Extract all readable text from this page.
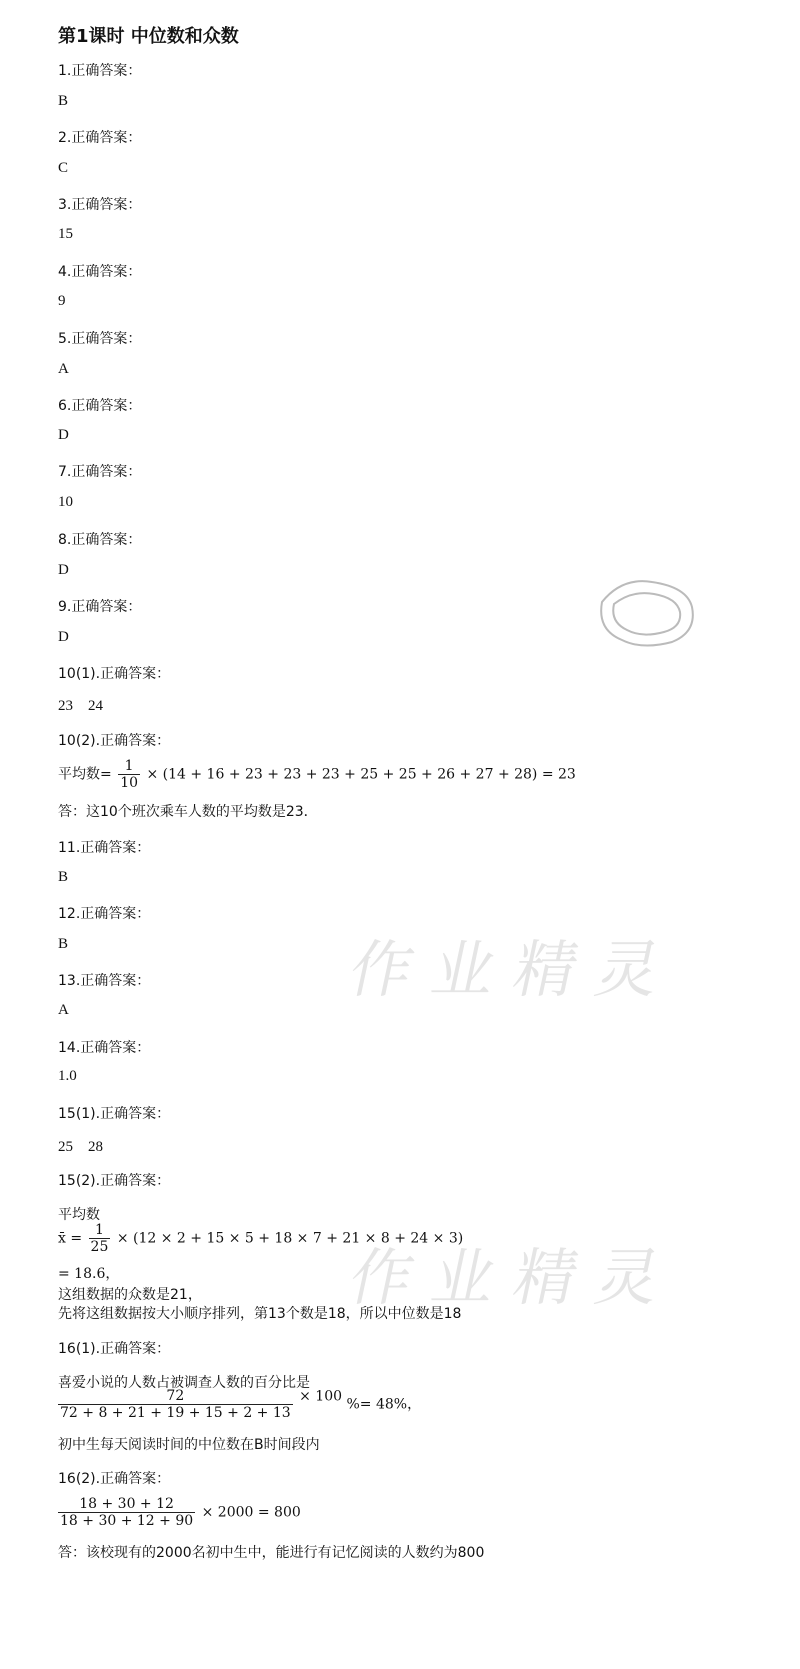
第1课时 中位数和众数
1.正确答案：
B
2.正确答案：
C
3.正确答案：
15
4.正确答案：
9
5.正确答案：
A
6.正确答案：
D
7.正确答案：
10
8.正确答案：
D
9.正确答案：
D
10(1).正确答案：
23　24
10(2).正确答案：
平均数= $\frac{1}{10} \times (14 + 16 + 23 + 23 + 23 + 25 + 25 + 26 + 27 + 28) = 23$
答：这10个班次乘车人数的平均数是23．
11.正确答案：
B
12.正确答案：
B
13.正确答案：
A
14.正确答案：
1.0
15(1).正确答案：
25　28
15(2).正确答案：
平均数
x̄ = $\frac{1}{25} \times (12 \times 2 + 15 \times 5 + 18 \times 7 + 21 \times 8 + 24 \times 3)$
= 18.6，
这组数据的众数是21，
先将这组数据按大小顺序排列，第13个数是18，所以中位数是18
16(1).正确答案：
喜爱小说的人数占被调查人数的百分比是
$\frac{72}{72 + 8 + 21 + 19 + 15 + 2 + 13} \times 100$ %= 48%，
初中生每天阅读时间的中位数在B时间段内
16(2).正确答案：
$\frac{18 + 30 + 12}{18 + 30 + 12 + 90} \times 2000 = 800$
答：该校现有的2000名初中生中，能进行有记忆阅读的人数约为800
作业精灵
作业精灵
